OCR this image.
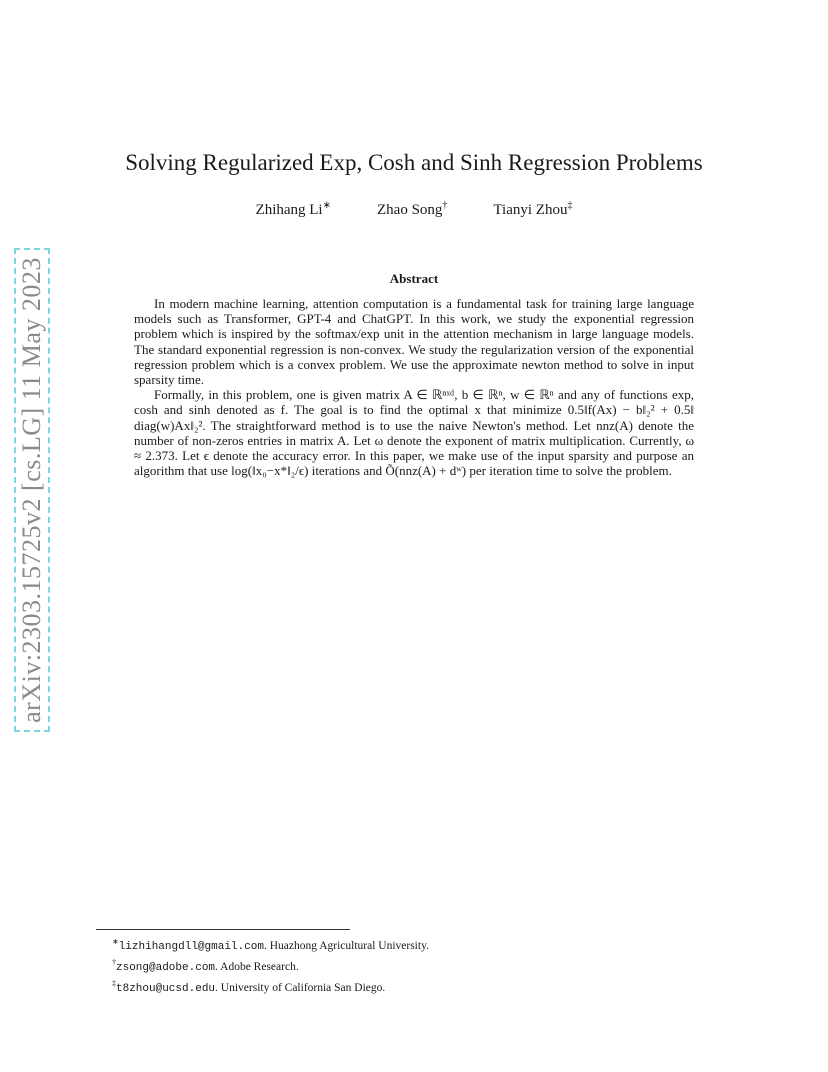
arXiv:2303.15725v2 [cs.LG] 11 May 2023
Solving Regularized Exp, Cosh and Sinh Regression Problems
Zhihang Li∗	Zhao Song†	Tianyi Zhou‡
Abstract

In modern machine learning, attention computation is a fundamental task for training large language models such as Transformer, GPT-4 and ChatGPT. In this work, we study the exponential regression problem which is inspired by the softmax/exp unit in the attention mechanism in large language models. The standard exponential regression is non-convex. We study the regularization version of the exponential regression problem which is a convex problem. We use the approximate newton method to solve in input sparsity time.

Formally, in this problem, one is given matrix A ∈ ℝⁿˣᵈ, b ∈ ℝⁿ, w ∈ ℝⁿ and any of functions exp, cosh and sinh denoted as f. The goal is to find the optimal x that minimize 0.5‖f(Ax) − b‖₂² + 0.5‖ diag(w)Ax‖₂². The straightforward method is to use the naive Newton's method. Let nnz(A) denote the number of non-zeros entries in matrix A. Let ω denote the exponent of matrix multiplication. Currently, ω ≈ 2.373. Let ϵ denote the accuracy error. In this paper, we make use of the input sparsity and purpose an algorithm that use log(‖x₀−x*‖₂/ϵ) iterations and Õ(nnz(A) + dʷ) per iteration time to solve the problem.

∗lizhihangdll@gmail.com. Huazhong Agricultural University.
†zsong@adobe.com. Adobe Research.
‡t8zhou@ucsd.edu. University of California San Diego.
